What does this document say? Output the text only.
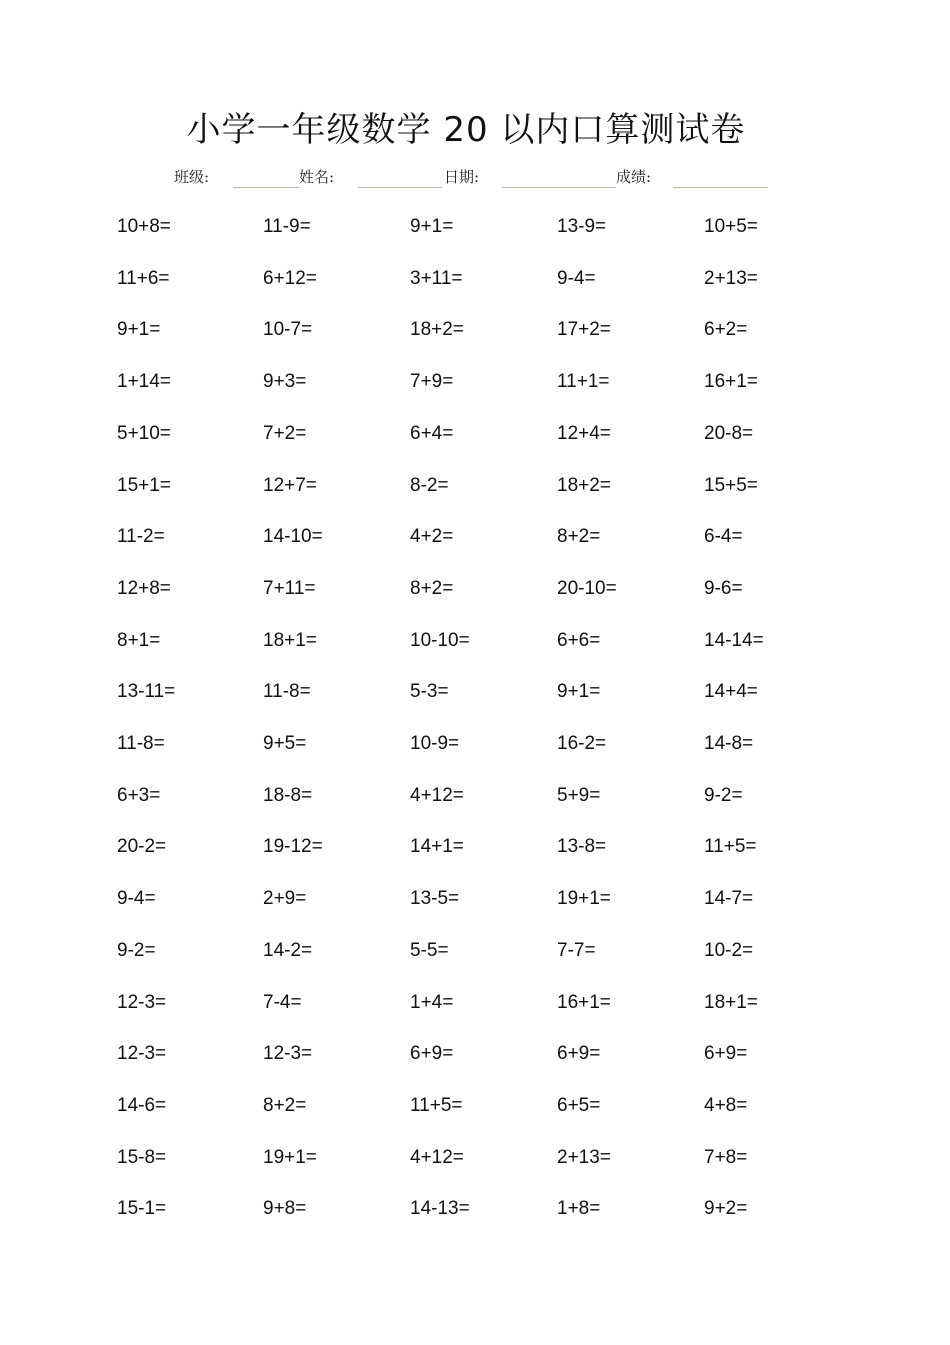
小学一年级数学 20 以内口算测试卷
班级:	姓名:	日期:	成绩:
10+8=	11-9=	9+1=	13-9=	10+5=
11+6=	6+12=	3+11=	9-4=	2+13=
9+1=	10-7=	18+2=	17+2=	6+2=
1+14=	9+3=	7+9=	11+1=	16+1=
5+10=	7+2=	6+4=	12+4=	20-8=
15+1=	12+7=	8-2=	18+2=	15+5=
11-2=	14-10=	4+2=	8+2=	6-4=
12+8=	7+11=	8+2=	20-10=	9-6=
8+1=	18+1=	10-10=	6+6=	14-14=
13-11=	11-8=	5-3=	9+1=	14+4=
11-8=	9+5=	10-9=	16-2=	14-8=
6+3=	18-8=	4+12=	5+9=	9-2=
20-2=	19-12=	14+1=	13-8=	11+5=
9-4=	2+9=	13-5=	19+1=	14-7=
9-2=	14-2=	5-5=	7-7=	10-2=
12-3=	7-4=	1+4=	16+1=	18+1=
12-3=	12-3=	6+9=	6+9=	6+9=
14-6=	8+2=	11+5=	6+5=	4+8=
15-8=	19+1=	4+12=	2+13=	7+8=
15-1=	9+8=	14-13=	1+8=	9+2=
